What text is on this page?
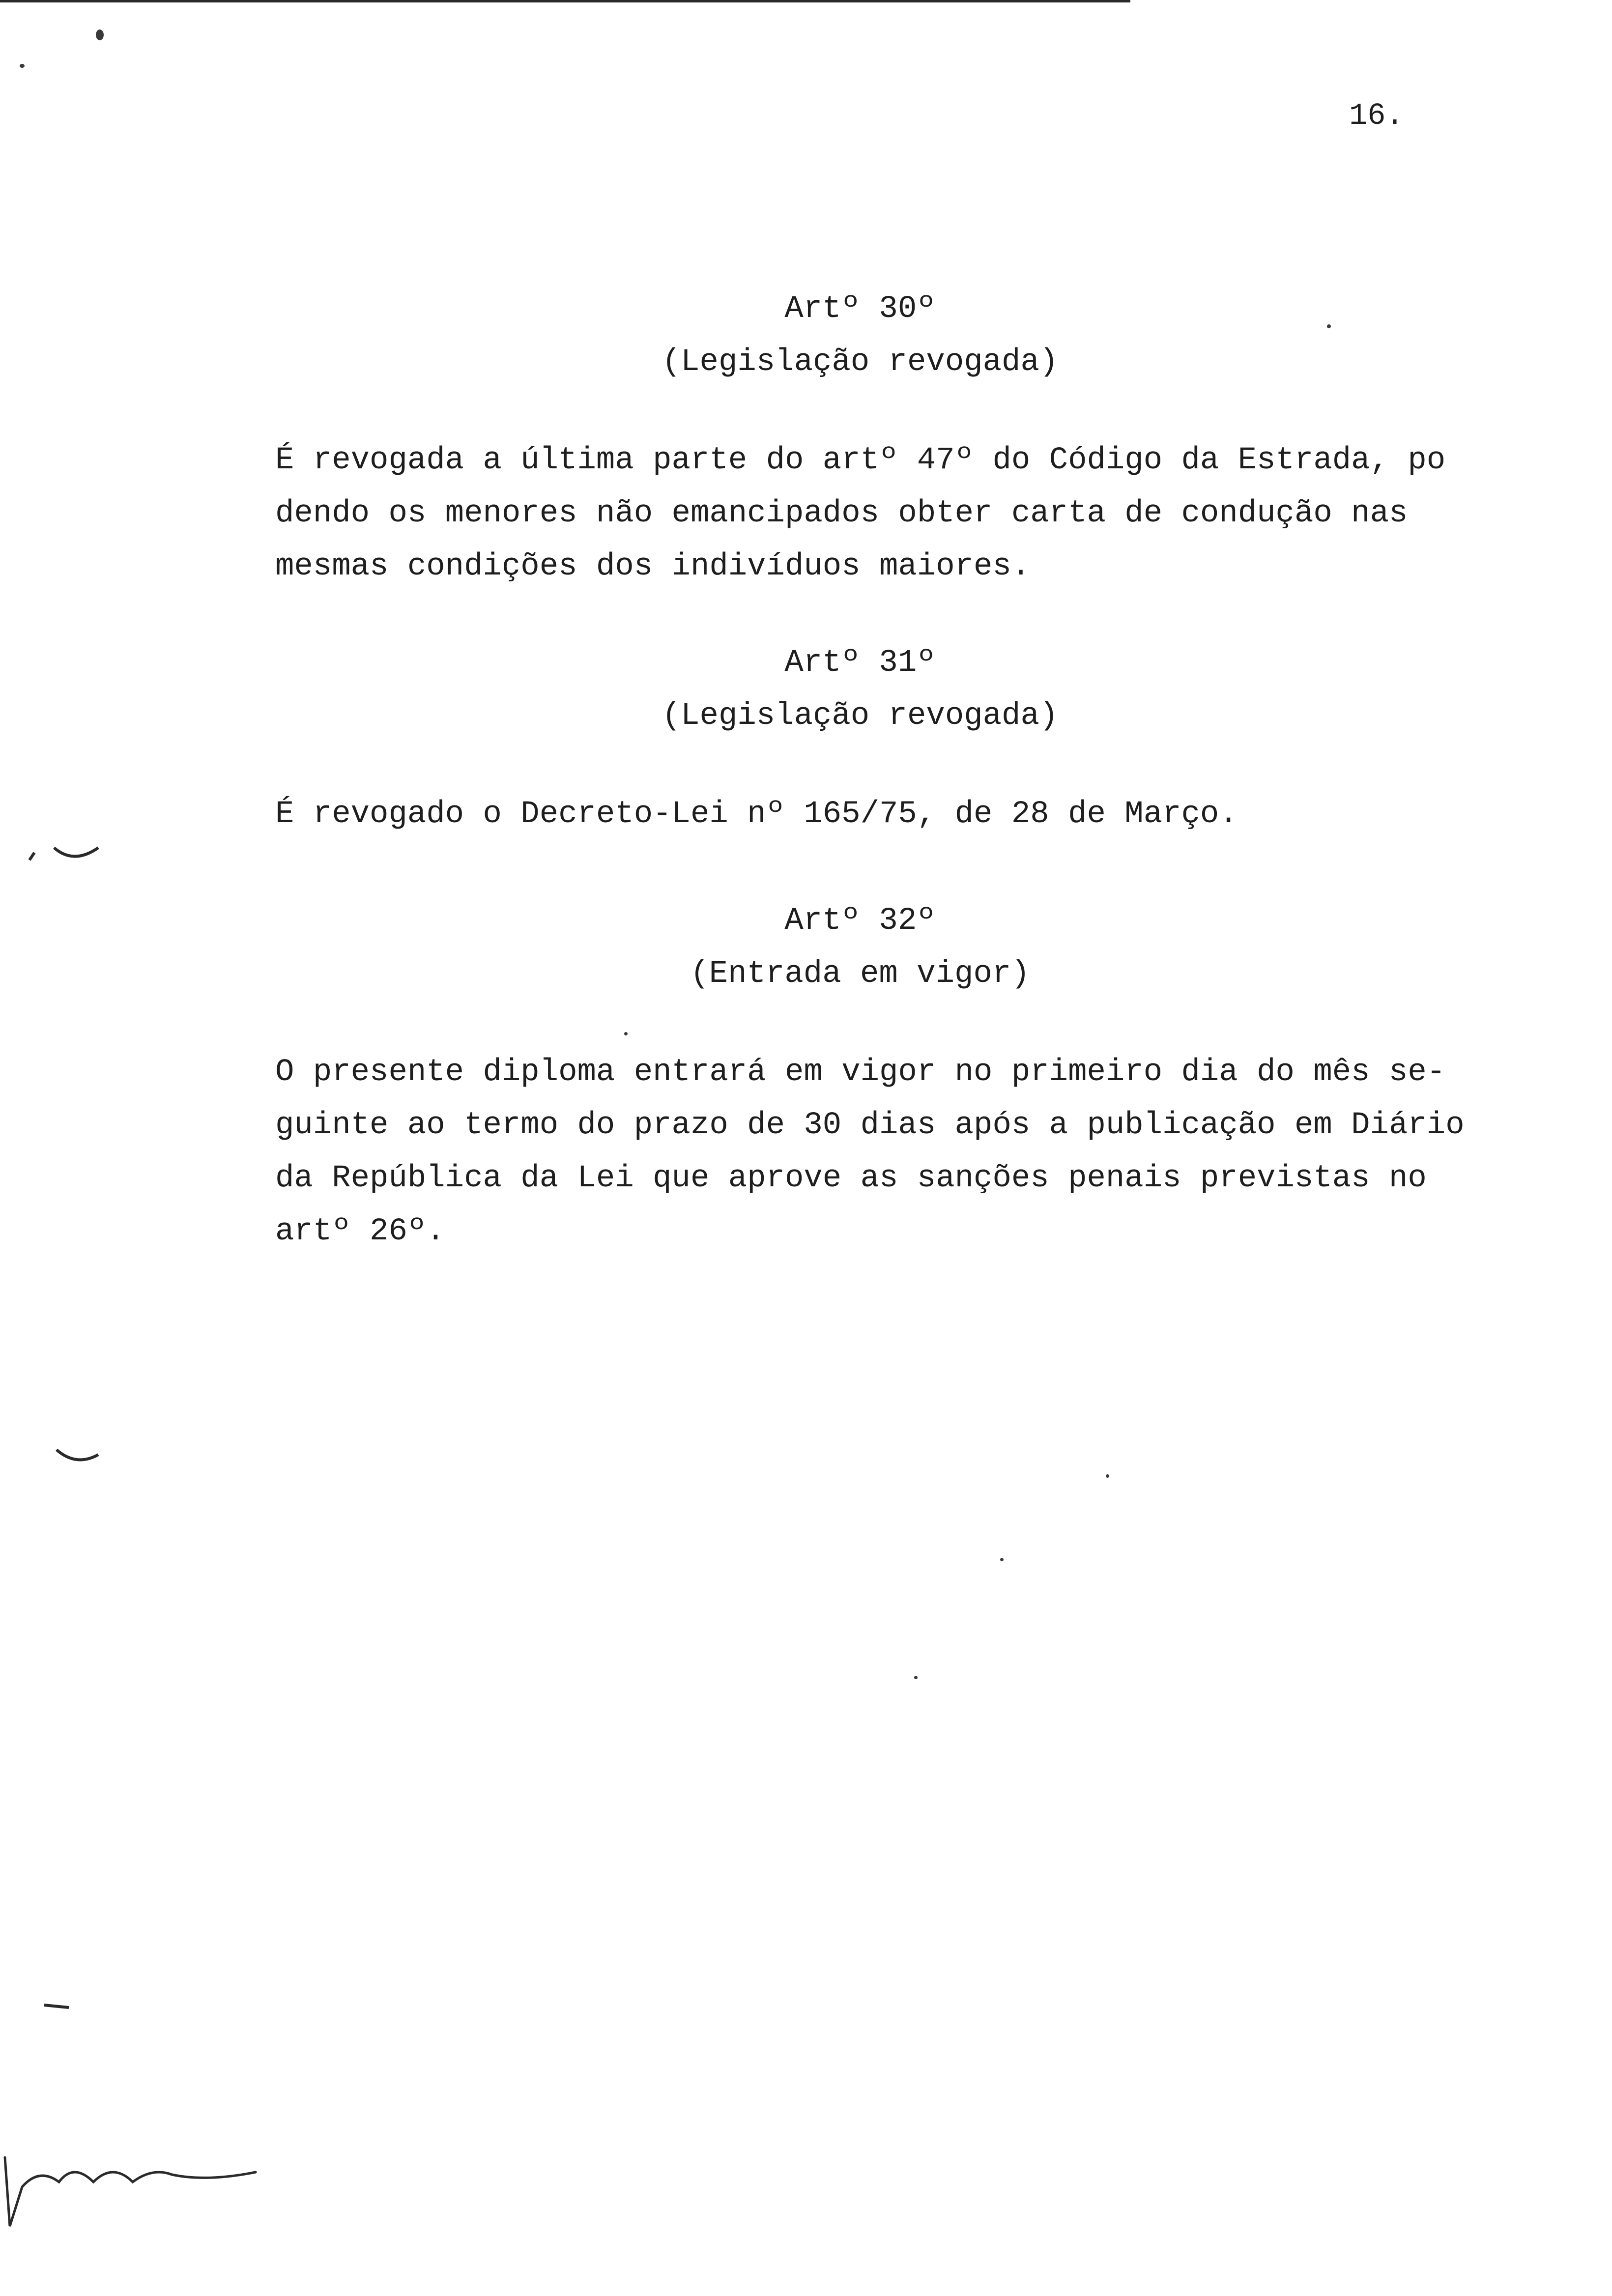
16.
Artº 30º
(Legislação revogada)
É revogada a última parte do artº 47º do Código da Estrada, po
dendo os menores não emancipados obter carta de condução nas
mesmas condições dos indivíduos maiores.
Artº 31º
(Legislação revogada)
É revogado o Decreto-Lei nº 165/75, de 28 de Março.
Artº 32º
(Entrada em vigor)
O presente diploma entrará em vigor no primeiro dia do mês se-
guinte ao termo do prazo de 30 dias após a publicação em Diário
da República da Lei que aprove as sanções penais previstas no
artº 26º.
